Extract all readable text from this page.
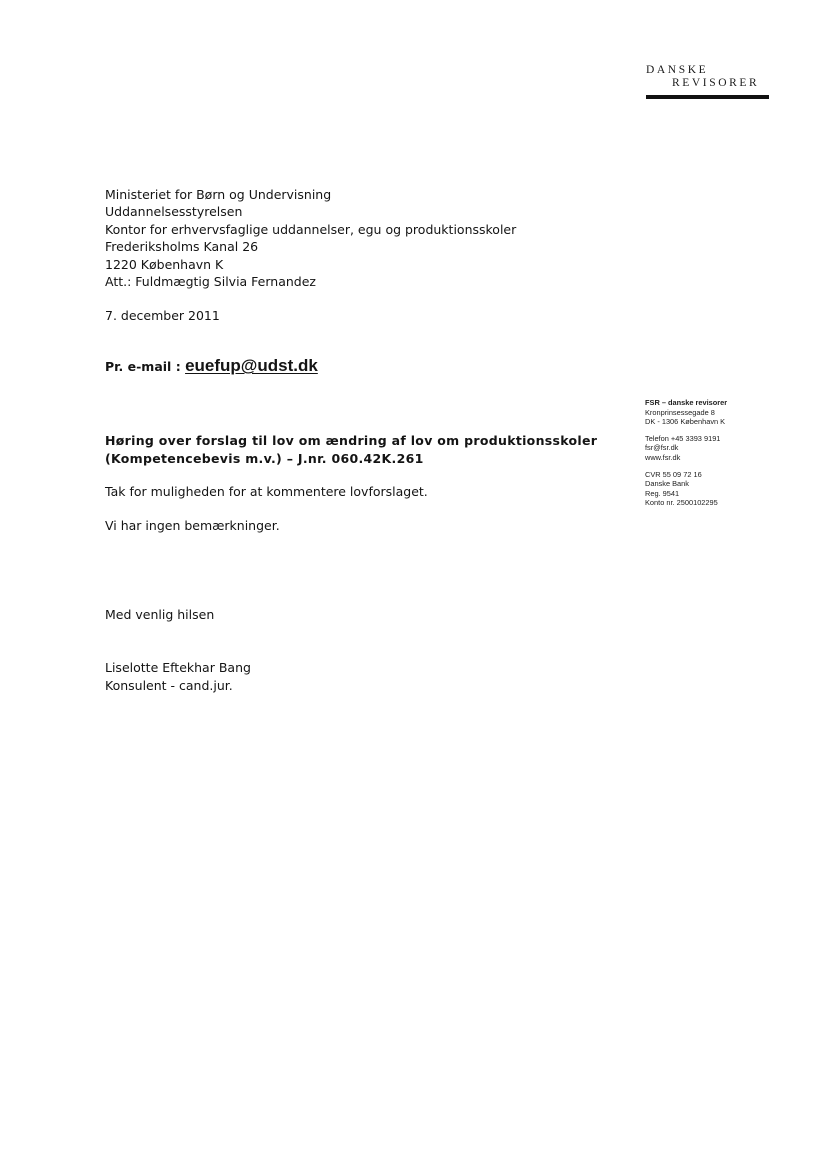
DANSKE
REVISORER
Ministeriet for Børn og Undervisning
Uddannelsesstyrelsen
Kontor for erhvervsfaglige uddannelser, egu og produktionsskoler
Frederiksholms Kanal 26
1220 København K
Att.: Fuldmægtig Silvia Fernandez
7. december 2011
Pr. e-mail : euefup@udst.dk
Høring over forslag til lov om ændring af lov om produktionsskoler
(Kompetencebevis m.v.) – J.nr. 060.42K.261
Tak for muligheden for at kommentere lovforslaget.
Vi har ingen bemærkninger.
Med venlig hilsen
Liselotte Eftekhar Bang
Konsulent - cand.jur.
FSR – danske revisorer
Kronprinsessegade 8
DK - 1306 København K
Telefon +45 3393 9191
fsr@fsr.dk
www.fsr.dk
CVR 55 09 72 16
Danske Bank
Reg. 9541
Konto nr. 2500102295
